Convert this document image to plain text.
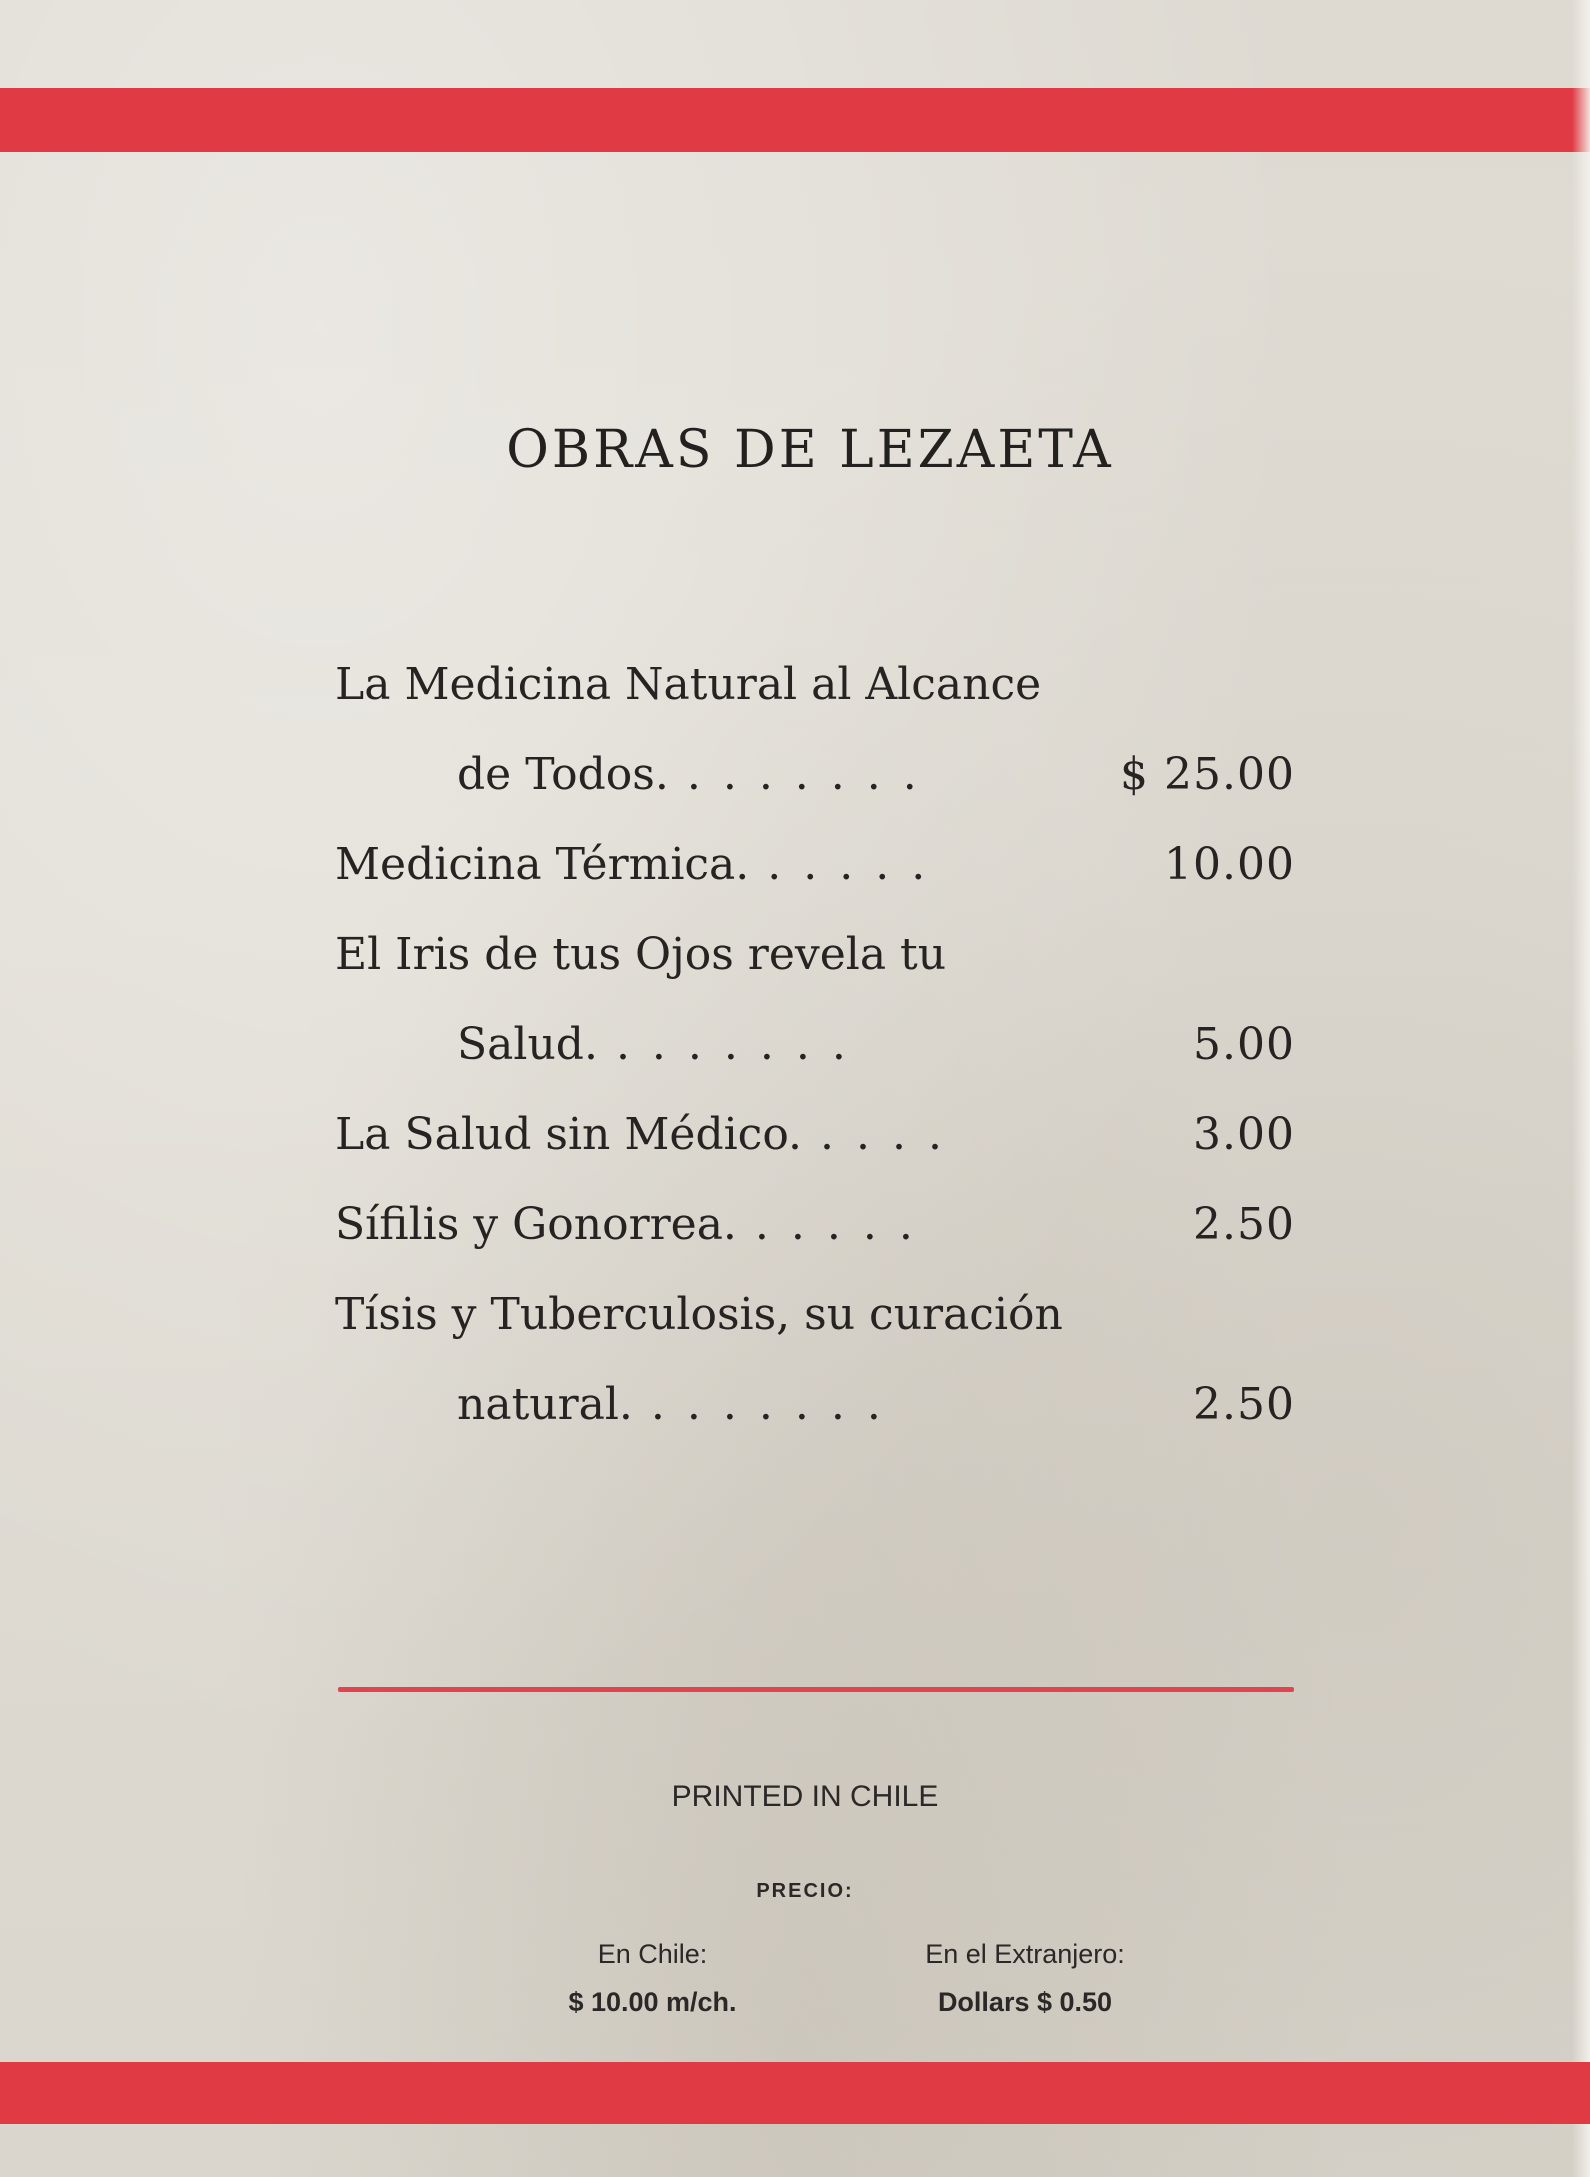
OBRAS DE LEZAETA
La Medicina Natural al Alcance
de Todos. .......	$ 25.00
Medicina Térmica. .....	10.00
El Iris de tus Ojos revela tu
Salud. .......	5.00
La Salud sin Médico. ....	3.00
Sífilis y Gonorrea. .....	2.50
Tísis y Tuberculosis, su curación
natural. .......	2.50
PRINTED IN CHILE
PRECIO:
En Chile:
$ 10.00 m/ch.
En el Extranjero:
Dollars $ 0.50
